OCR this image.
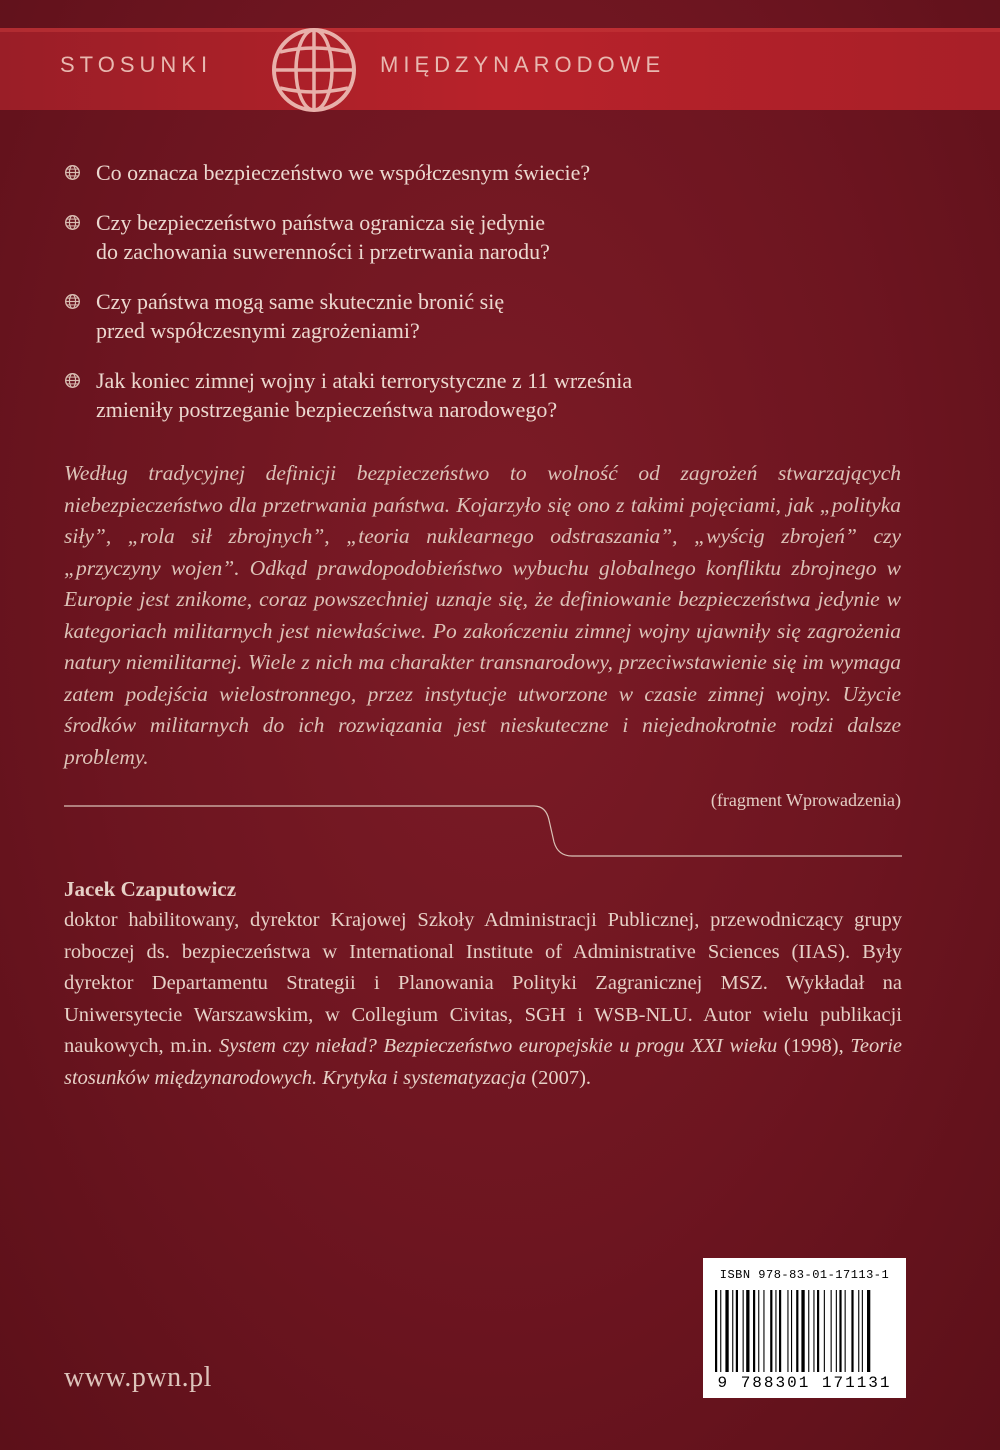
STOSUNKI	MIĘDZYNARODOWE
Co oznacza bezpieczeństwo we współczesnym świecie?
Czy bezpieczeństwo państwa ogranicza się jedynie
do zachowania suwerenności i przetrwania narodu?
Czy państwa mogą same skutecznie bronić się
przed współczesnymi zagrożeniami?
Jak koniec zimnej wojny i ataki terrorystyczne z 11 września
zmieniły postrzeganie bezpieczeństwa narodowego?
Według tradycyjnej definicji bezpieczeństwo to wolność od zagrożeń stwarzających niebezpieczeństwo dla przetrwania państwa. Kojarzyło się ono z takimi pojęciami, jak „polityka siły”, „rola sił zbrojnych”, „teoria nuklearnego odstraszania”, „wyścig zbrojeń” czy „przyczyny wojen”. Odkąd prawdopodobieństwo wybuchu globalnego konfliktu zbrojnego w Europie jest znikome, coraz powszechniej uznaje się, że definiowanie bezpieczeństwa jedynie w kategoriach militarnych jest niewłaściwe. Po zakończeniu zimnej wojny ujawniły się zagrożenia natury niemilitarnej. Wiele z nich ma charakter transnarodowy, przeciwstawienie się im wymaga zatem podejścia wielostronnego, przez instytucje utworzone w czasie zimnej wojny. Użycie środków militarnych do ich rozwiązania jest nieskuteczne i niejednokrotnie rodzi dalsze problemy.
(fragment Wprowadzenia)
Jacek Czaputowicz
doktor habilitowany, dyrektor Krajowej Szkoły Administracji Publicznej, przewodniczący grupy roboczej ds. bezpieczeństwa w International Institute of Administrative Sciences (IIAS). Były dyrektor Departamentu Strategii i Planowania Polityki Zagranicznej MSZ. Wykładał na Uniwersytecie Warszawskim, w Collegium Civitas, SGH i WSB-NLU. Autor wielu publikacji naukowych, m.in. System czy nieład? Bezpieczeństwo europejskie u progu XXI wieku (1998), Teorie stosunków międzynarodowych. Krytyka i systematyzacja (2007).
www.pwn.pl
ISBN 978-83-01-17113-1
9 788301 171131
